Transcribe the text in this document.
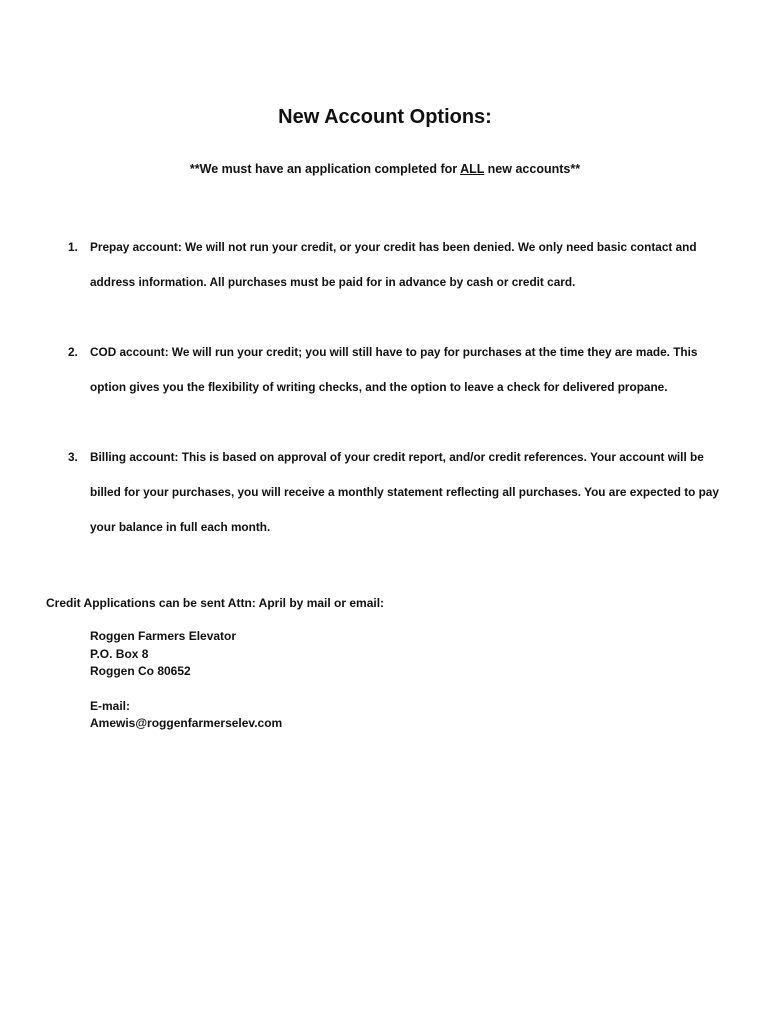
New Account Options:

**We must have an application completed for ALL new accounts**

1. Prepay account: We will not run your credit, or your credit has been denied. We only need basic contact and address information. All purchases must be paid for in advance by cash or credit card.
2. COD account: We will run your credit; you will still have to pay for purchases at the time they are made. This option gives you the flexibility of writing checks, and the option to leave a check for delivered propane.
3. Billing account: This is based on approval of your credit report, and/or credit references. Your account will be billed for your purchases, you will receive a monthly statement reflecting all purchases. You are expected to pay your balance in full each month.

Credit Applications can be sent Attn: April by mail or email:

Roggen Farmers Elevator
P.O. Box 8
Roggen Co 80652
E-mail:
Amewis@roggenfarmerselev.com
